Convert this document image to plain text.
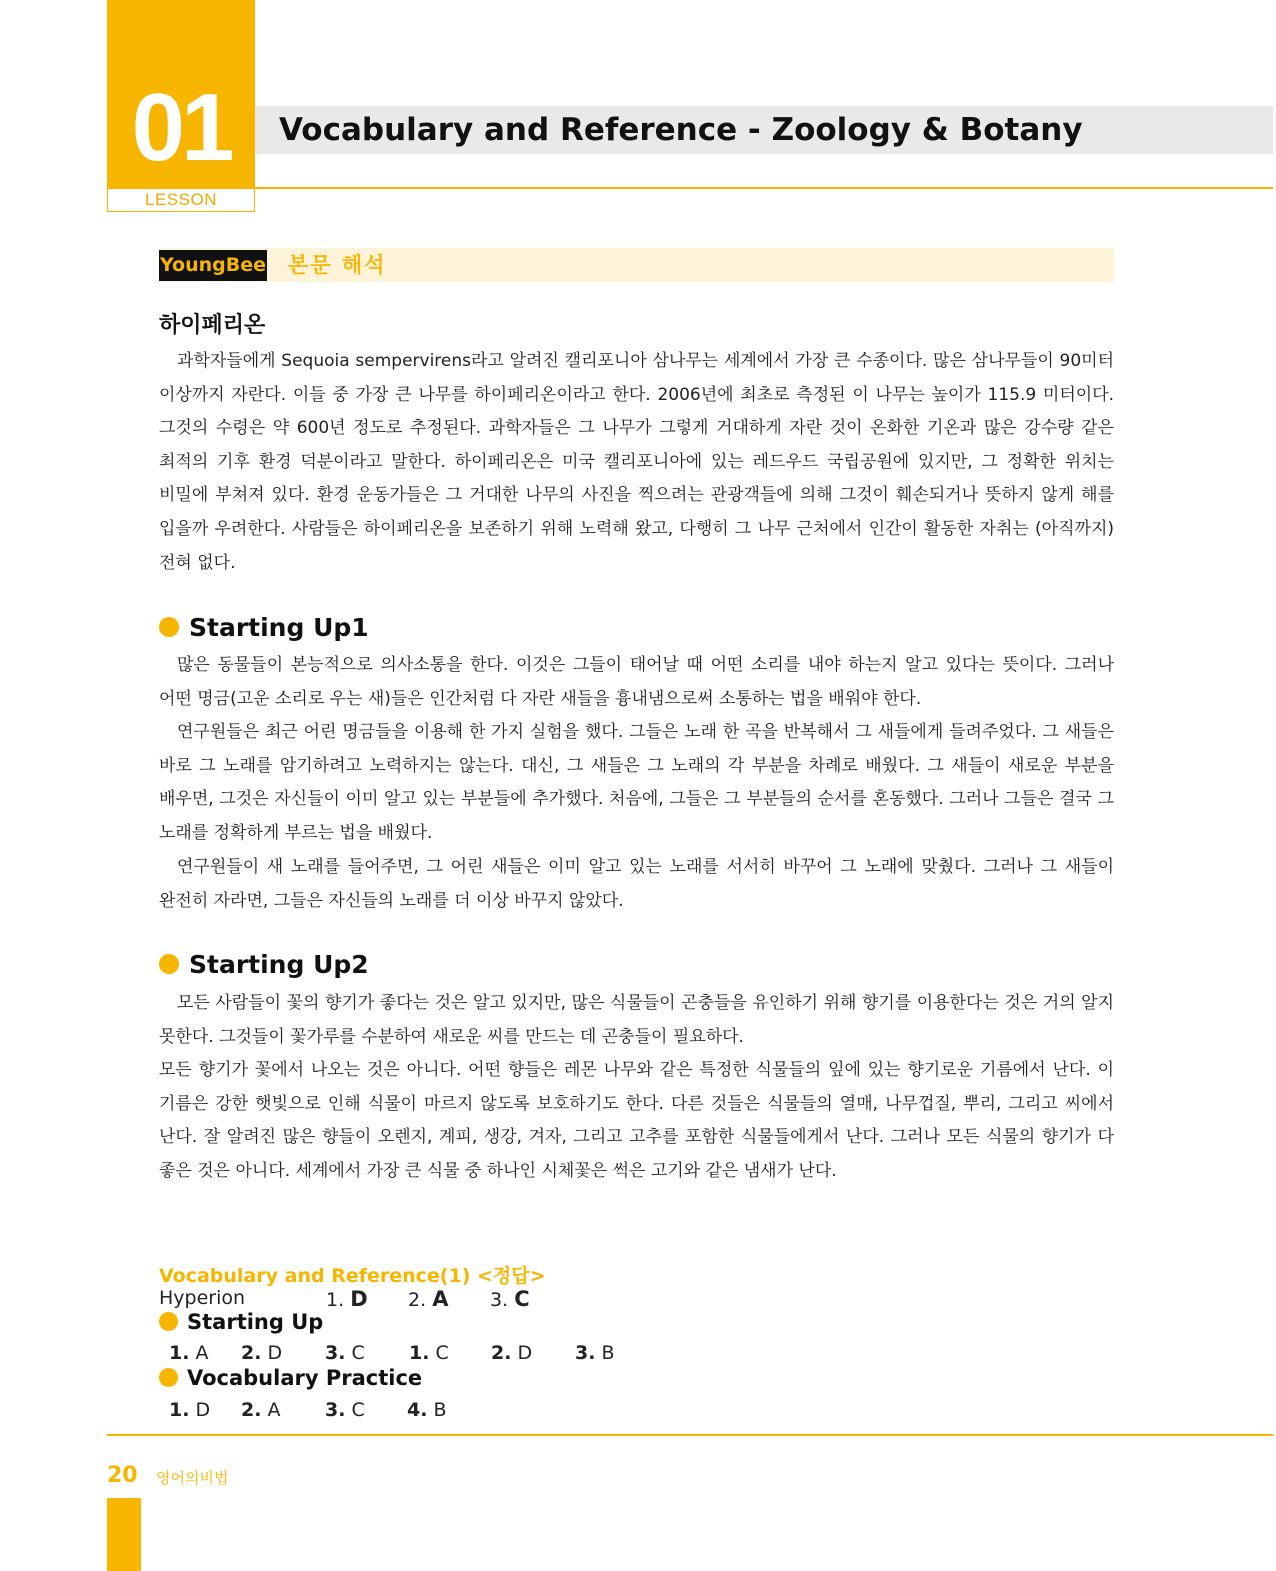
01
LESSON
Vocabulary and Reference - Zoology & Botany
YoungBee 본문 해석
하이페리온

과학자들에게 Sequoia sempervirens라고 알려진 캘리포니아 삼나무는 세계에서 가장 큰 수종이다. 많은 삼나무들이 90미터 이상까지 자란다. 이들 중 가장 큰 나무를 하이페리온이라고 한다. 2006년에 최초로 측정된 이 나무는 높이가 115.9 미터이다. 그것의 수령은 약 600년 정도로 추정된다. 과학자들은 그 나무가 그렇게 거대하게 자란 것이 온화한 기온과 많은 강수량 같은 최적의 기후 환경 덕분이라고 말한다. 하이페리온은 미국 캘리포니아에 있는 레드우드 국립공원에 있지만, 그 정확한 위치는 비밀에 부쳐져 있다. 환경 운동가들은 그 거대한 나무의 사진을 찍으려는 관광객들에 의해 그것이 훼손되거나 뜻하지 않게 해를 입을까 우려한다. 사람들은 하이페리온을 보존하기 위해 노력해 왔고, 다행히 그 나무 근처에서 인간이 활동한 자취는 (아직까지) 전혀 없다.

Starting Up1

많은 동물들이 본능적으로 의사소통을 한다. 이것은 그들이 태어날 때 어떤 소리를 내야 하는지 알고 있다는 뜻이다. 그러나 어떤 명금(고운 소리로 우는 새)들은 인간처럼 다 자란 새들을 흉내냄으로써 소통하는 법을 배워야 한다.

연구원들은 최근 어린 명금들을 이용해 한 가지 실험을 했다. 그들은 노래 한 곡을 반복해서 그 새들에게 들려주었다. 그 새들은 바로 그 노래를 암기하려고 노력하지는 않는다. 대신, 그 새들은 그 노래의 각 부분을 차례로 배웠다. 그 새들이 새로운 부분을 배우면, 그것은 자신들이 이미 알고 있는 부분들에 추가했다. 처음에, 그들은 그 부분들의 순서를 혼동했다. 그러나 그들은 결국 그 노래를 정확하게 부르는 법을 배웠다.

연구원들이 새 노래를 들어주면, 그 어린 새들은 이미 알고 있는 노래를 서서히 바꾸어 그 노래에 맞췄다. 그러나 그 새들이 완전히 자라면, 그들은 자신들의 노래를 더 이상 바꾸지 않았다.

Starting Up2

모든 사람들이 꽃의 향기가 좋다는 것은 알고 있지만, 많은 식물들이 곤충들을 유인하기 위해 향기를 이용한다는 것은 거의 알지 못한다. 그것들이 꽃가루를 수분하여 새로운 씨를 만드는 데 곤충들이 필요하다.

모든 향기가 꽃에서 나오는 것은 아니다. 어떤 향들은 레몬 나무와 같은 특정한 식물들의 잎에 있는 향기로운 기름에서 난다. 이 기름은 강한 햇빛으로 인해 식물이 마르지 않도록 보호하기도 한다. 다른 것들은 식물들의 열매, 나무껍질, 뿌리, 그리고 씨에서 난다. 잘 알려진 많은 향들이 오렌지, 계피, 생강, 겨자, 그리고 고추를 포함한 식물들에게서 난다. 그러나 모든 식물의 향기가 다 좋은 것은 아니다. 세계에서 가장 큰 식물 중 하나인 시체꽃은 썩은 고기와 같은 냄새가 난다.

Vocabulary and Reference(1) <정답>
Hyperion	1. D 2. A 3. C
Starting Up
1. A 2. D 3. C 1. C 2. D 3. B
Vocabulary Practice
1. D 2. A 3. C 4. B
20 영어의비법
